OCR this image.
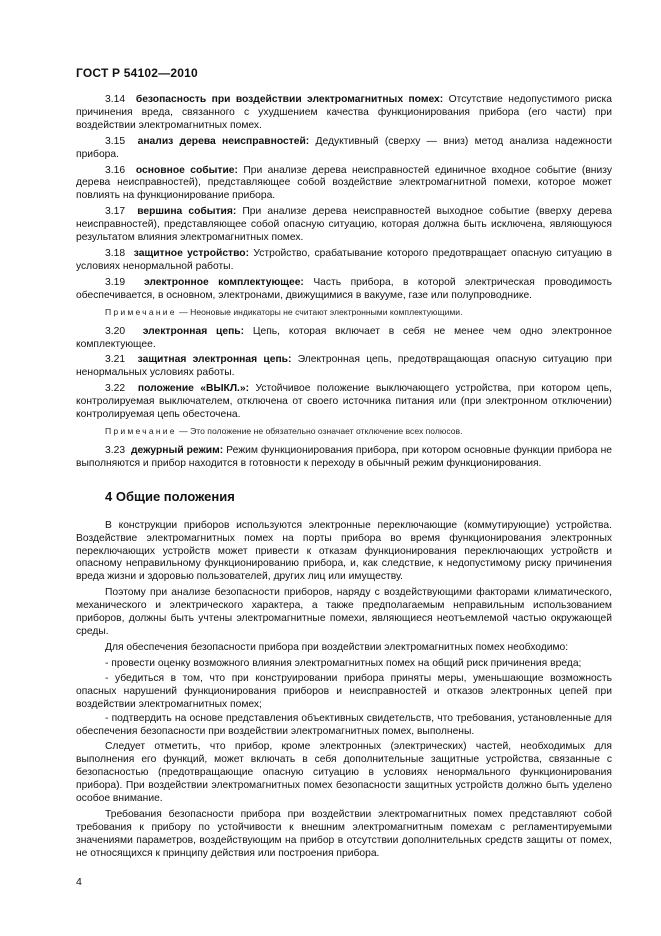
ГОСТ Р 54102—2010

3.14 безопасность при воздействии электромагнитных помех: Отсутствие недопустимого риска причинения вреда, связанного с ухудшением качества функционирования прибора (его части) при воздействии электромагнитных помех.

3.15 анализ дерева неисправностей: Дедуктивный (сверху — вниз) метод анализа надежности прибора.

3.16 основное событие: При анализе дерева неисправностей единичное входное событие (внизу дерева неисправностей), представляющее собой воздействие электромагнитной помехи, которое может повлиять на функционирование прибора.

3.17 вершина события: При анализе дерева неисправностей выходное событие (вверху дерева неисправностей), представляющее собой опасную ситуацию, которая должна быть исключена, являющуюся результатом влияния электромагнитных помех.

3.18 защитное устройство: Устройство, срабатывание которого предотвращает опасную ситуацию в условиях ненормальной работы.

3.19 электронное комплектующее: Часть прибора, в которой электрическая проводимость обеспечивается, в основном, электронами, движущимися в вакууме, газе или полупроводнике.

Примечание — Неоновые индикаторы не считают электронными комплектующими.

3.20 электронная цепь: Цепь, которая включает в себя не менее чем одно электронное комплектующее.

3.21 защитная электронная цепь: Электронная цепь, предотвращающая опасную ситуацию при ненормальных условиях работы.

3.22 положение «ВЫКЛ.»: Устойчивое положение выключающего устройства, при котором цепь, контролируемая выключателем, отключена от своего источника питания или (при электронном отключении) контролируемая цепь обесточена.

Примечание — Это положение не обязательно означает отключение всех полюсов.

3.23 дежурный режим: Режим функционирования прибора, при котором основные функции прибора не выполняются и прибор находится в готовности к переходу в обычный режим функционирования.

4 Общие положения

В конструкции приборов используются электронные переключающие (коммутирующие) устройства. Воздействие электромагнитных помех на порты прибора во время функционирования электронных переключающих устройств может привести к отказам функционирования переключающих устройств и опасному неправильному функционированию прибора, и, как следствие, к недопустимому риску причинения вреда жизни и здоровью пользователей, других лиц или имуществу.

Поэтому при анализе безопасности приборов, наряду с воздействующими факторами климатического, механического и электрического характера, а также предполагаемым неправильным использованием приборов, должны быть учтены электромагнитные помехи, являющиеся неотъемлемой частью окружающей среды.

Для обеспечения безопасности прибора при воздействии электромагнитных помех необходимо:

- провести оценку возможного влияния электромагнитных помех на общий риск причинения вреда;

- убедиться в том, что при конструировании прибора приняты меры, уменьшающие возможность опасных нарушений функционирования приборов и неисправностей и отказов электронных цепей при воздействии электромагнитных помех;

- подтвердить на основе представления объективных свидетельств, что требования, установленные для обеспечения безопасности при воздействии электромагнитных помех, выполнены.

Следует отметить, что прибор, кроме электронных (электрических) частей, необходимых для выполнения его функций, может включать в себя дополнительные защитные устройства, связанные с безопасностью (предотвращающие опасную ситуацию в условиях ненормального функционирования прибора). При воздействии электромагнитных помех безопасности защитных устройств должно быть уделено особое внимание.

Требования безопасности прибора при воздействии электромагнитных помех представляют собой требования к прибору по устойчивости к внешним электромагнитным помехам с регламентируемыми значениями параметров, воздействующим на прибор в отсутствии дополнительных средств защиты от помех, не относящихся к принципу действия или построения прибора.

4
